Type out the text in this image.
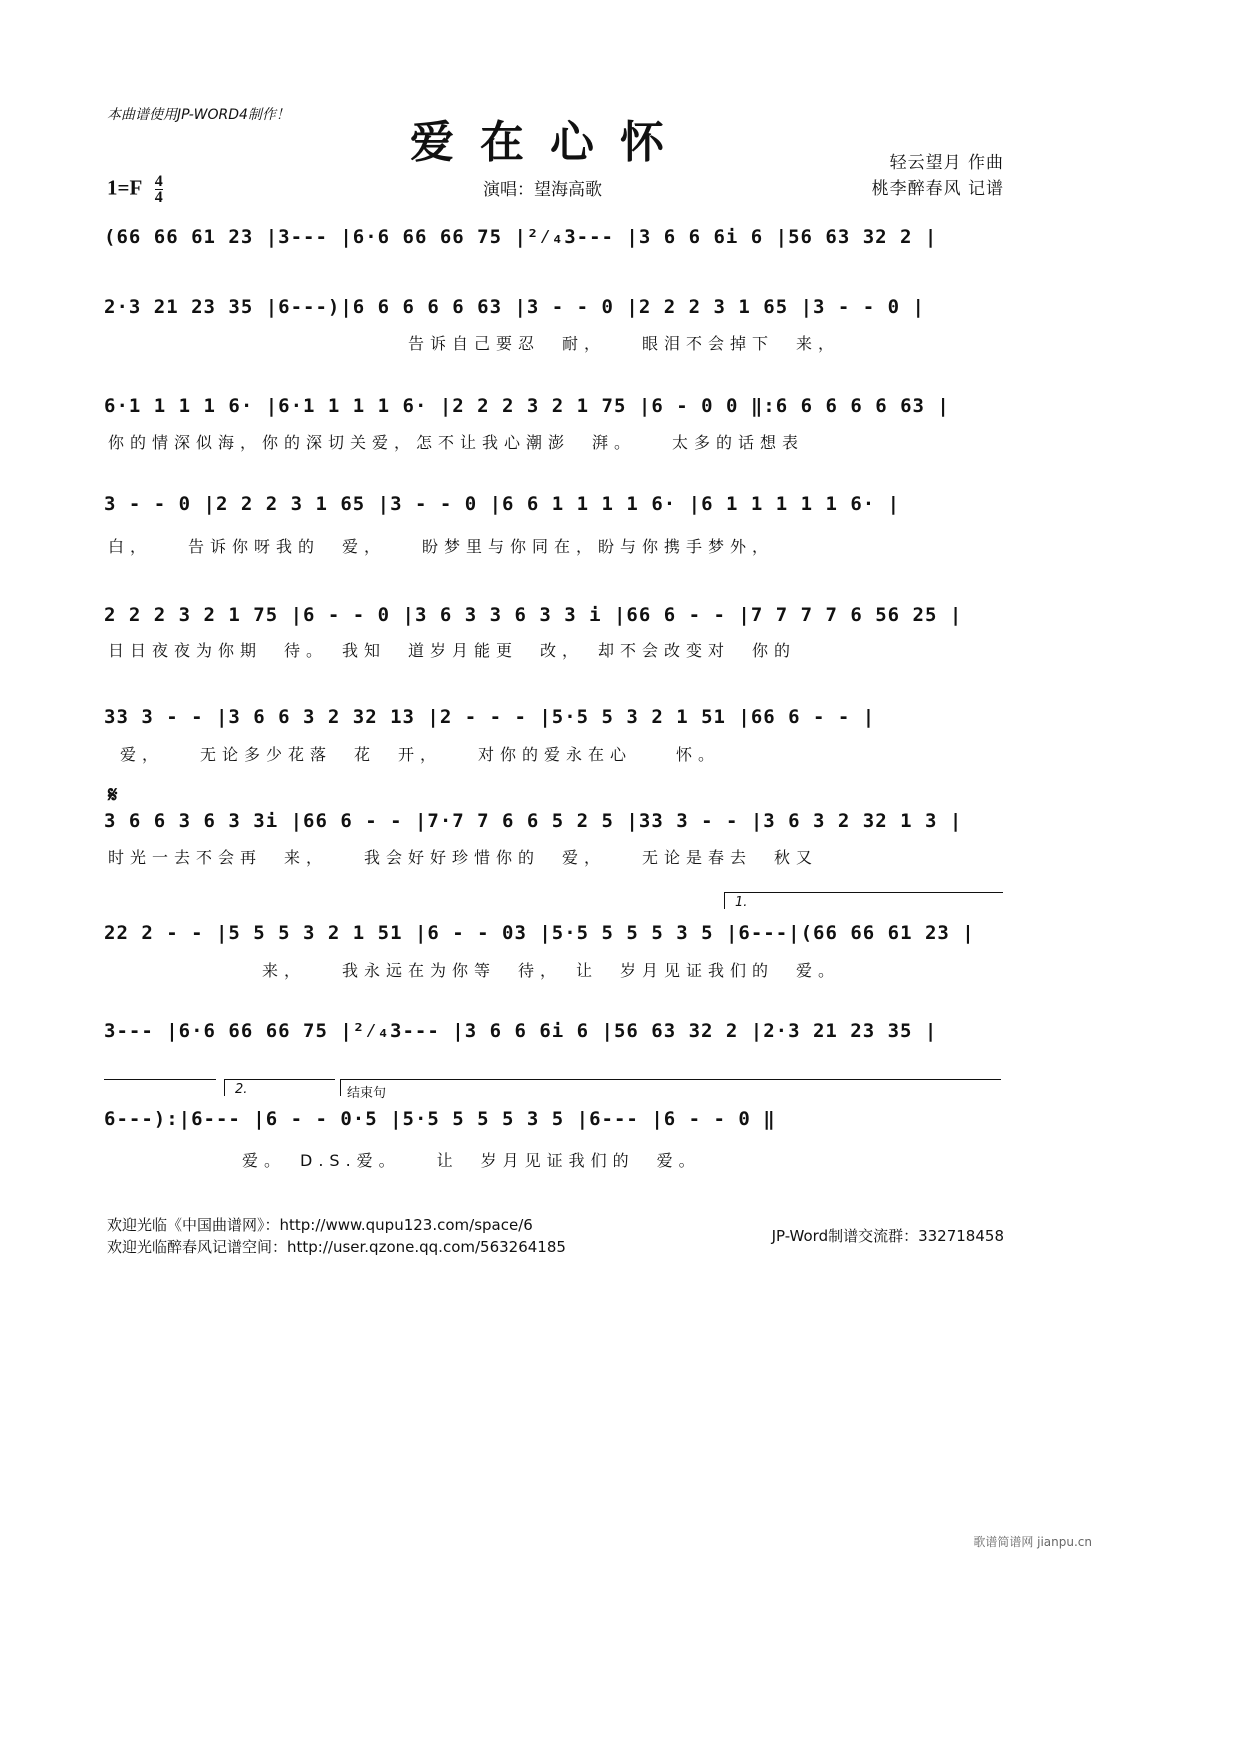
本曲谱使用JP-WORD4制作！
爱在心怀
$1=F \frac{4}{4}$	演唱：望海高歌
轻云望月 作曲
桃李醉春风 记谱
(66 66 61 23 |3--- |6·6 66 66 75 |²⁄₄3--- |3 6 6 6i 6 |56 63 32 2 |
2·3 21 23 35 |6---)|6 6 6 6 6 63 |3 - - 0 |2 2 2 3 1 65 |3 - - 0 |
告诉自己要忍　耐，　　眼泪不会掉下　来，
6·1 1 1 1 6· |6·1 1 1 1 6· |2 2 2 3 2 1 75 |6 - 0 0 ‖:6 6 6 6 6 63 |
你的情深似海，你的深切关爱，怎不让我心潮澎　湃。　　太多的话想表
3 - - 0 |2 2 2 3 1 65 |3 - - 0 |6 6 1 1 1 1 6· |6 1 1 1 1 1 6· |
白，　　告诉你呀我的　爱，　　盼梦里与你同在，盼与你携手梦外，
2 2 2 3 2 1 75 |6 - - 0 |3 6 3 3 6 3 3 i |66 6 - - |7 7 7 7 6 56 25 |
日日夜夜为你期　待。　我知　道岁月能更　改，　却不会改变对　你的
33 3 - - |3 6 6 3 2 32 13 |2 - - - |5·5 5 3 2 1 51 |66 6 - - |
爱，　　无论多少花落　花　开，　　对你的爱永在心　　怀。
𝄋
3 6 6 3 6 3 3i |66 6 - - |7·7 7 6 6 5 2 5 |33 3 - - |3 6 3 2 32 1 3 |
时光一去不会再　来，　　我会好好珍惜你的　爱，　　无论是春去　秋又
1.
22 2 - - |5 5 5 3 2 1 51 |6 - - 03 |5·5 5 5 5 3 5 |6---|(66 66 61 23 |
来，　　我永远在为你等　待，　让　岁月见证我们的　爱。
3--- |6·6 66 66 75 |²⁄₄3--- |3 6 6 6i 6 |56 63 32 2 |2·3 21 23 35 |
2.	结束句
6---):|6--- |6 - - 0·5 |5·5 5 5 5 3 5 |6--- |6 - - 0 ‖
爱。　D.S.爱。　　让　岁月见证我们的　爱。
欢迎光临《中国曲谱网》：http://www.qupu123.com/space/6
欢迎光临醉春风记谱空间：http://user.qzone.qq.com/563264185
JP-Word制谱交流群：332718458
歌谱简谱网 jianpu.cn
